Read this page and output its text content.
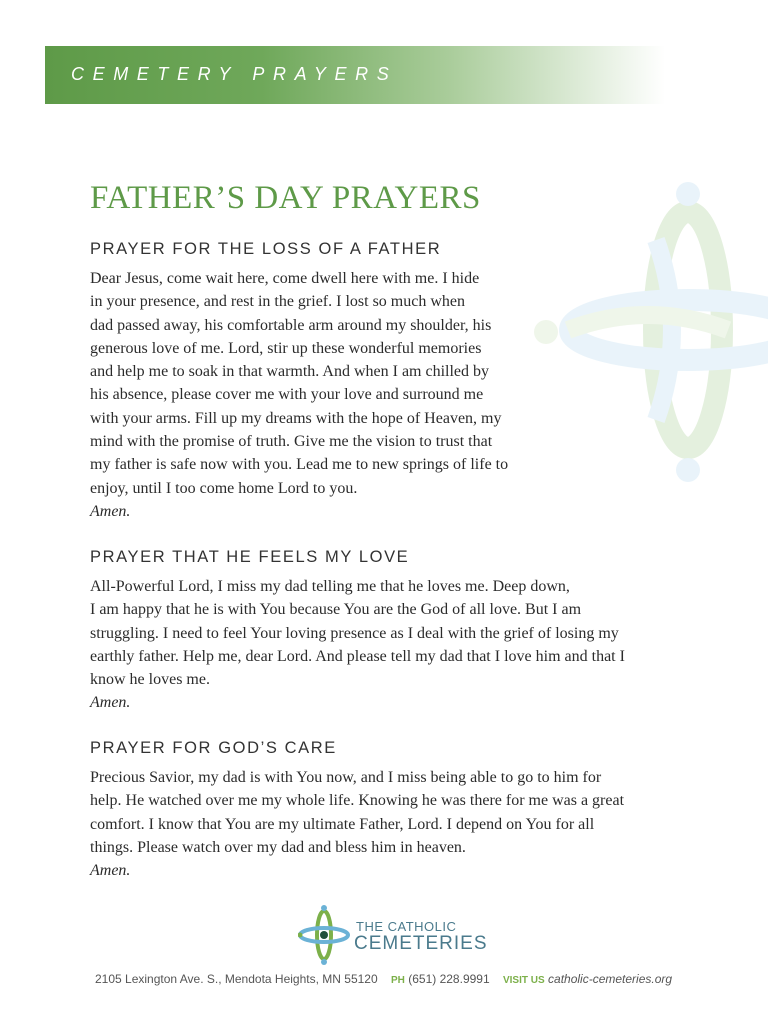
CEMETERY PRAYERS
FATHER’S DAY PRAYERS
PRAYER FOR THE LOSS OF A FATHER
Dear Jesus, come wait here, come dwell here with me. I hide
in your presence, and rest in the grief. I lost so much when
dad passed away, his comfortable arm around my shoulder, his
generous love of me. Lord, stir up these wonderful memories
and help me to soak in that warmth. And when I am chilled by
his absence, please cover me with your love and surround me
with your arms. Fill up my dreams with the hope of Heaven, my
mind with the promise of truth. Give me the vision to trust that
my father is safe now with you. Lead me to new springs of life to
enjoy, until I too come home Lord to you.
Amen.
PRAYER THAT HE FEELS MY LOVE
All-Powerful Lord, I miss my dad telling me that he loves me. Deep down,
I am happy that he is with You because You are the God of all love. But I am
struggling. I need to feel Your loving presence as I deal with the grief of losing my
earthly father. Help me, dear Lord. And please tell my dad that I love him and that I
know he loves me.
Amen.
PRAYER FOR GOD’S CARE
Precious Savior, my dad is with You now, and I miss being able to go to him for
help. He watched over me my whole life. Knowing he was there for me was a great
comfort. I know that You are my ultimate Father, Lord. I depend on You for all
things. Please watch over my dad and bless him in heaven.
Amen.
THE CATHOLIC
CEMETERIES
2105 Lexington Ave. S., Mendota Heights, MN 55120 PH (651) 228.9991 VISIT US catholic-cemeteries.org
